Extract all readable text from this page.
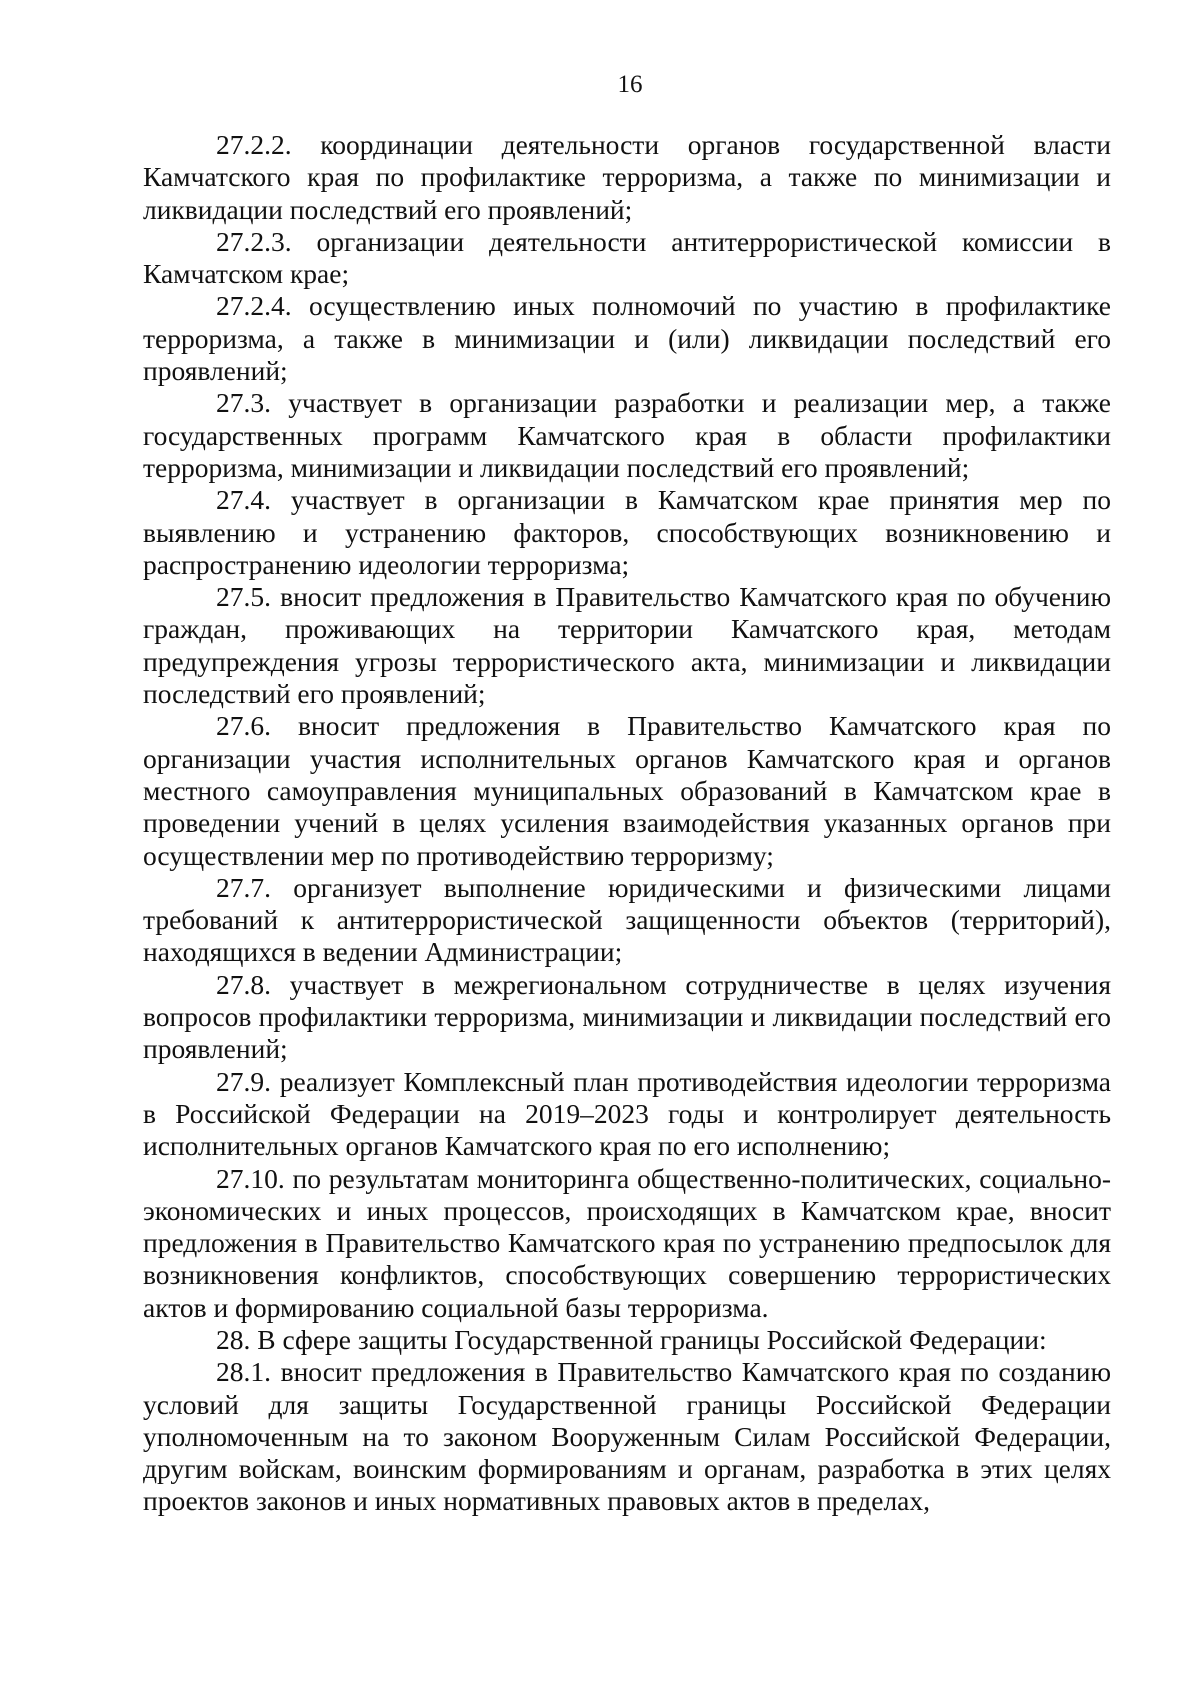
16

27.2.2. координации деятельности органов государственной власти Камчатского края по профилактике терроризма, а также по минимизации и ликвидации последствий его проявлений;

27.2.3. организации деятельности антитеррористической комиссии в Камчатском крае;

27.2.4. осуществлению иных полномочий по участию в профилактике терроризма, а также в минимизации и (или) ликвидации последствий его проявлений;

27.3. участвует в организации разработки и реализации мер, а также государственных программ Камчатского края в области профилактики терроризма, минимизации и ликвидации последствий его проявлений;

27.4. участвует в организации в Камчатском крае принятия мер по выявлению и устранению факторов, способствующих возникновению и распространению идеологии терроризма;

27.5. вносит предложения в Правительство Камчатского края по обучению граждан, проживающих на территории Камчатского края, методам предупреждения угрозы террористического акта, минимизации и ликвидации последствий его проявлений;

27.6. вносит предложения в Правительство Камчатского края по организации участия исполнительных органов Камчатского края и органов местного самоуправления муниципальных образований в Камчатском крае в проведении учений в целях усиления взаимодействия указанных органов при осуществлении мер по противодействию терроризму;

27.7. организует выполнение юридическими и физическими лицами требований к антитеррористической защищенности объектов (территорий), находящихся в ведении Администрации;

27.8. участвует в межрегиональном сотрудничестве в целях изучения вопросов профилактики терроризма, минимизации и ликвидации последствий его проявлений;

27.9. реализует Комплексный план противодействия идеологии терроризма в Российской Федерации на 2019–2023 годы и контролирует деятельность исполнительных органов Камчатского края по его исполнению;

27.10. по результатам мониторинга общественно-политических, социально-экономических и иных процессов, происходящих в Камчатском крае, вносит предложения в Правительство Камчатского края по устранению предпосылок для возникновения конфликтов, способствующих совершению террористических актов и формированию социальной базы терроризма.

28. В сфере защиты Государственной границы Российской Федерации:

28.1. вносит предложения в Правительство Камчатского края по созданию условий для защиты Государственной границы Российской Федерации уполномоченным на то законом Вооруженным Силам Российской Федерации, другим войскам, воинским формированиям и органам, разработка в этих целях проектов законов и иных нормативных правовых актов в пределах,
